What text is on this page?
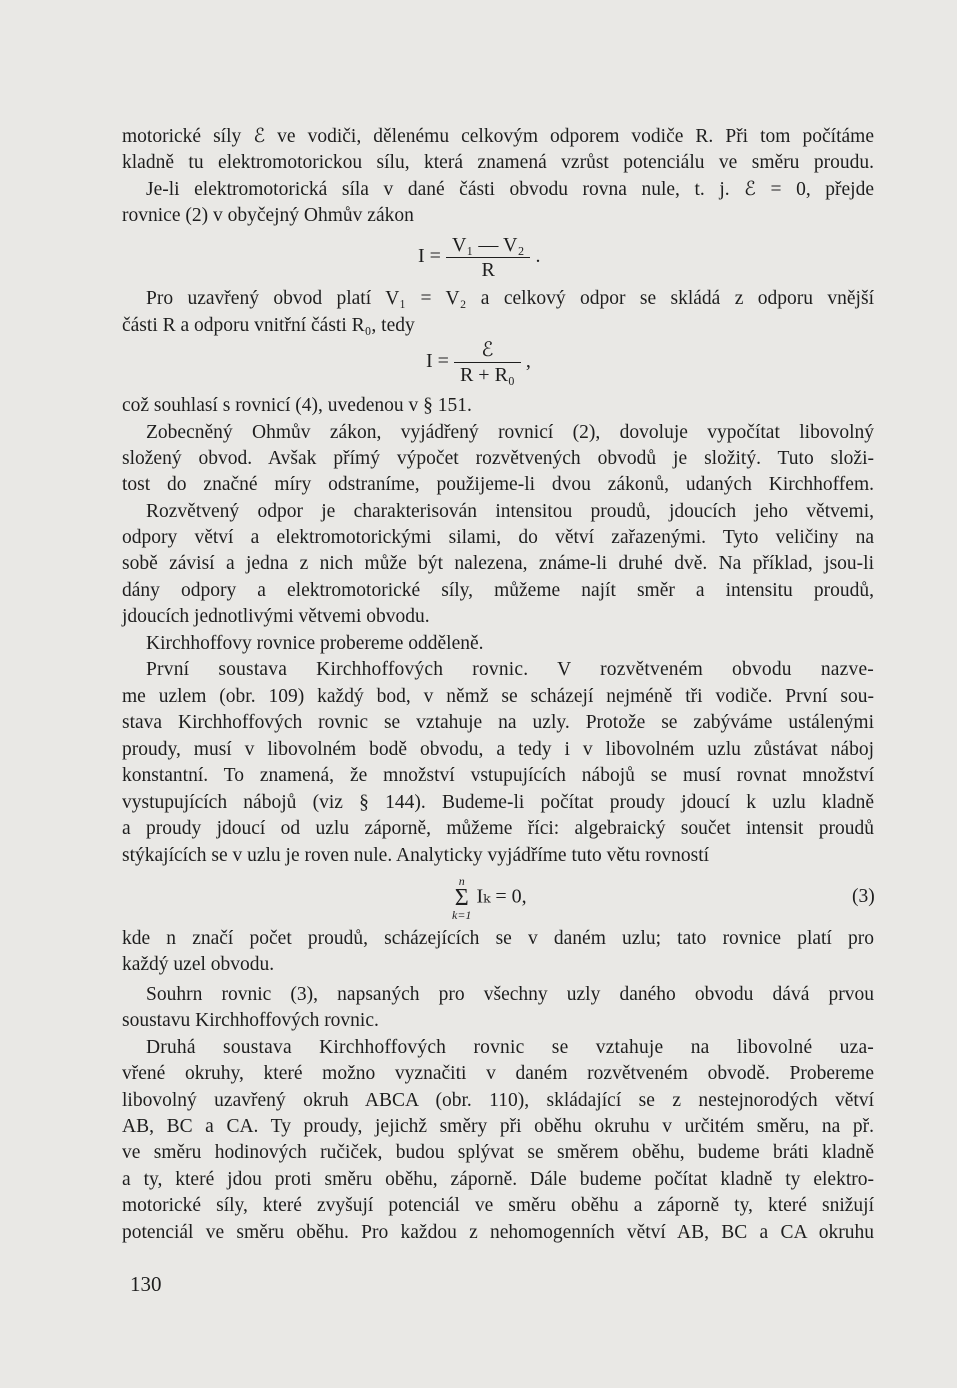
motorické síly ℰ ve vodiči, dělenému celkovým odporem vodiče R. Při tom počítáme
kladně tu elektromotorickou sílu, která znamená vzrůst potenciálu ve směru proudu.
Je-li elektromotorická síla v dané části obvodu rovna nule, t. j. ℰ = 0, přejde
rovnice (2) v obyčejný Ohmův zákon
$I = \frac{\text{V₁ — V₂}}{R}$ .
Pro uzavřený obvod platí V₁ = V₂ a celkový odpor se skládá z odporu vnější
části R a odporu vnitřní části R₀, tedy
$I = \frac{\text{ℰ}}{\text{R + R₀}}$ ,
což souhlasí s rovnicí (4), uvedenou v § 151.
Zobecněný Ohmův zákon, vyjádřený rovnicí (2), dovoluje vypočítat libovolný
složený obvod. Avšak přímý výpočet rozvětvených obvodů je složitý. Tuto složi-
tost do značné míry odstraníme, použijeme-li dvou zákonů, udaných Kirchhoffem.
Rozvětvený odpor je charakterisován intensitou proudů, jdoucích jeho větvemi,
odpory větví a elektromotorickými silami, do větví zařazenými. Tyto veličiny na
sobě závisí a jedna z nich může být nalezena, známe-li druhé dvě. Na příklad, jsou-li
dány odpory a elektromotorické síly, můžeme najít směr a intensitu proudů,
jdoucích jednotlivými větvemi obvodu.
Kirchhoffovy rovnice probereme odděleně.
První soustava Kirchhoffových rovnic. V rozvětveném obvodu nazve-
me uzlem (obr. 109) každý bod, v němž se scházejí nejméně tři vodiče. První sou-
stava Kirchhoffových rovnic se vztahuje na uzly. Protože se zabýváme ustálenými
proudy, musí v libovolném bodě obvodu, a tedy i v libovolném uzlu zůstávat náboj
konstantní. To znamená, že množství vstupujících nábojů se musí rovnat množství
vystupujících nábojů (viz § 144). Budeme-li počítat proudy jdoucí k uzlu kladně
a proudy jdoucí od uzlu záporně, můžeme říci: algebraický součet intensit proudů
stýkajících se v uzlu je roven nule. Analyticky vyjádříme tuto větu rovností
n
Σ
k=1
Iₖ = 0,	(3)
kde n značí počet proudů, scházejících se v daném uzlu; tato rovnice platí pro
každý uzel obvodu.
Souhrn rovnic (3), napsaných pro všechny uzly daného obvodu dává prvou
soustavu Kirchhoffových rovnic.
Druhá soustava Kirchhoffových rovnic se vztahuje na libovolné uza-
vřené okruhy, které možno vyznačiti v daném rozvětveném obvodě. Probereme
libovolný uzavřený okruh ABCA (obr. 110), skládající se z nestejnorodých větví
AB, BC a CA. Ty proudy, jejichž směry při oběhu okruhu v určitém směru, na př.
ve směru hodinových ručiček, budou splývat se směrem oběhu, budeme bráti kladně
a ty, které jdou proti směru oběhu, záporně. Dále budeme počítat kladně ty elektro-
motorické síly, které zvyšují potenciál ve směru oběhu a záporně ty, které snižují
potenciál ve směru oběhu. Pro každou z nehomogenních větví AB, BC a CA okruhu
130
